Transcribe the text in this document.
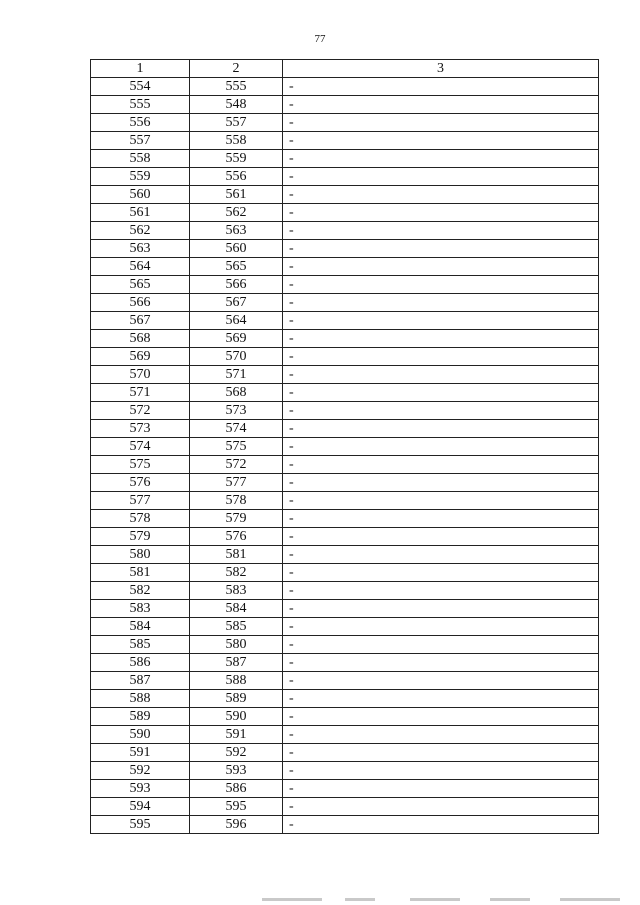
77
1	2	3
554	555	-
555	548	-
556	557	-
557	558	-
558	559	-
559	556	-
560	561	-
561	562	-
562	563	-
563	560	-
564	565	-
565	566	-
566	567	-
567	564	-
568	569	-
569	570	-
570	571	-
571	568	-
572	573	-
573	574	-
574	575	-
575	572	-
576	577	-
577	578	-
578	579	-
579	576	-
580	581	-
581	582	-
582	583	-
583	584	-
584	585	-
585	580	-
586	587	-
587	588	-
588	589	-
589	590	-
590	591	-
591	592	-
592	593	-
593	586	-
594	595	-
595	596	-
